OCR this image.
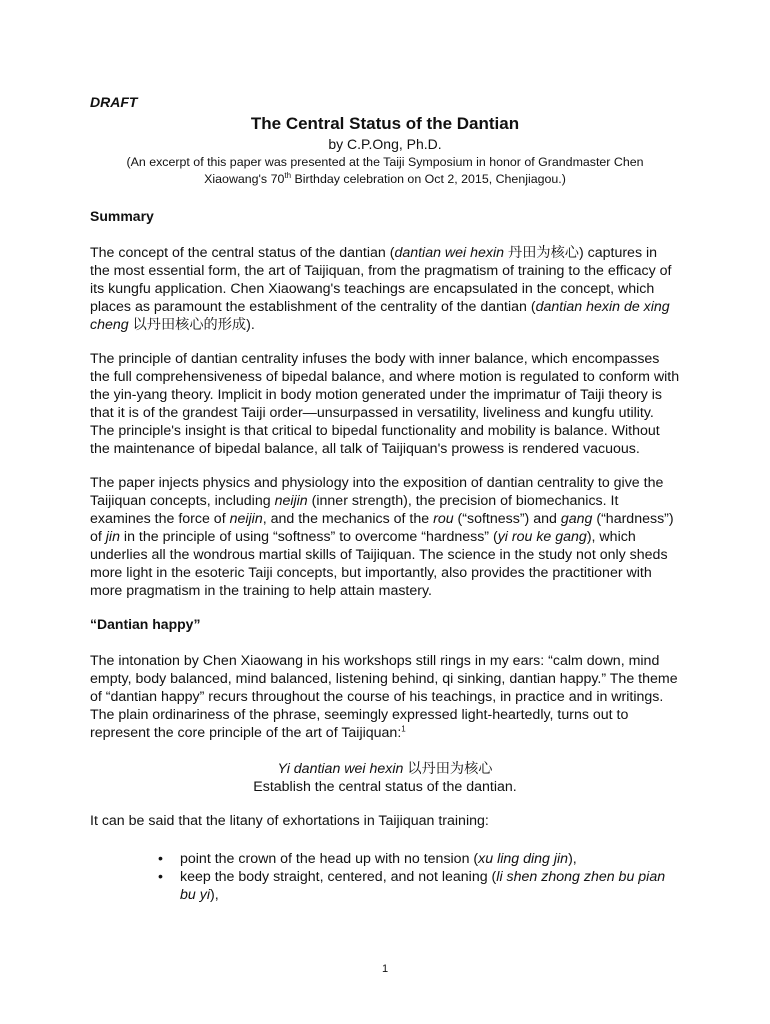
DRAFT
The Central Status of the Dantian
by C.P.Ong, Ph.D.
(An excerpt of this paper was presented at the Taiji Symposium in honor of Grandmaster Chen Xiaowang's 70th Birthday celebration on Oct 2, 2015, Chenjiagou.)
Summary

The concept of the central status of the dantian (dantian wei hexin 丹田为核心) captures in the most essential form, the art of Taijiquan, from the pragmatism of training to the efficacy of its kungfu application. Chen Xiaowang's teachings are encapsulated in the concept, which places as paramount the establishment of the centrality of the dantian (dantian hexin de xing cheng 以丹田核心的形成).

The principle of dantian centrality infuses the body with inner balance, which encompasses the full comprehensiveness of bipedal balance, and where motion is regulated to conform with the yin-yang theory. Implicit in body motion generated under the imprimatur of Taiji theory is that it is of the grandest Taiji order—unsurpassed in versatility, liveliness and kungfu utility. The principle's insight is that critical to bipedal functionality and mobility is balance. Without the maintenance of bipedal balance, all talk of Taijiquan's prowess is rendered vacuous.

The paper injects physics and physiology into the exposition of dantian centrality to give the Taijiquan concepts, including neijin (inner strength), the precision of biomechanics. It examines the force of neijin, and the mechanics of the rou (“softness”) and gang (“hardness”) of jin in the principle of using “softness” to overcome “hardness” (yi rou ke gang), which underlies all the wondrous martial skills of Taijiquan. The science in the study not only sheds more light in the esoteric Taiji concepts, but importantly, also provides the practitioner with more pragmatism in the training to help attain mastery.

“Dantian happy”

The intonation by Chen Xiaowang in his workshops still rings in my ears: “calm down, mind empty, body balanced, mind balanced, listening behind, qi sinking, dantian happy.” The theme of “dantian happy” recurs throughout the course of his teachings, in practice and in writings. The plain ordinariness of the phrase, seemingly expressed light-heartedly, turns out to represent the core principle of the art of Taijiquan:$^1$

Yi dantian wei hexin 以丹田为核心
Establish the central status of the dantian.

It can be said that the litany of exhortations in Taijiquan training:

• point the crown of the head up with no tension (xu ling ding jin),
• keep the body straight, centered, and not leaning (li shen zhong zhen bu pian bu yi),
1
